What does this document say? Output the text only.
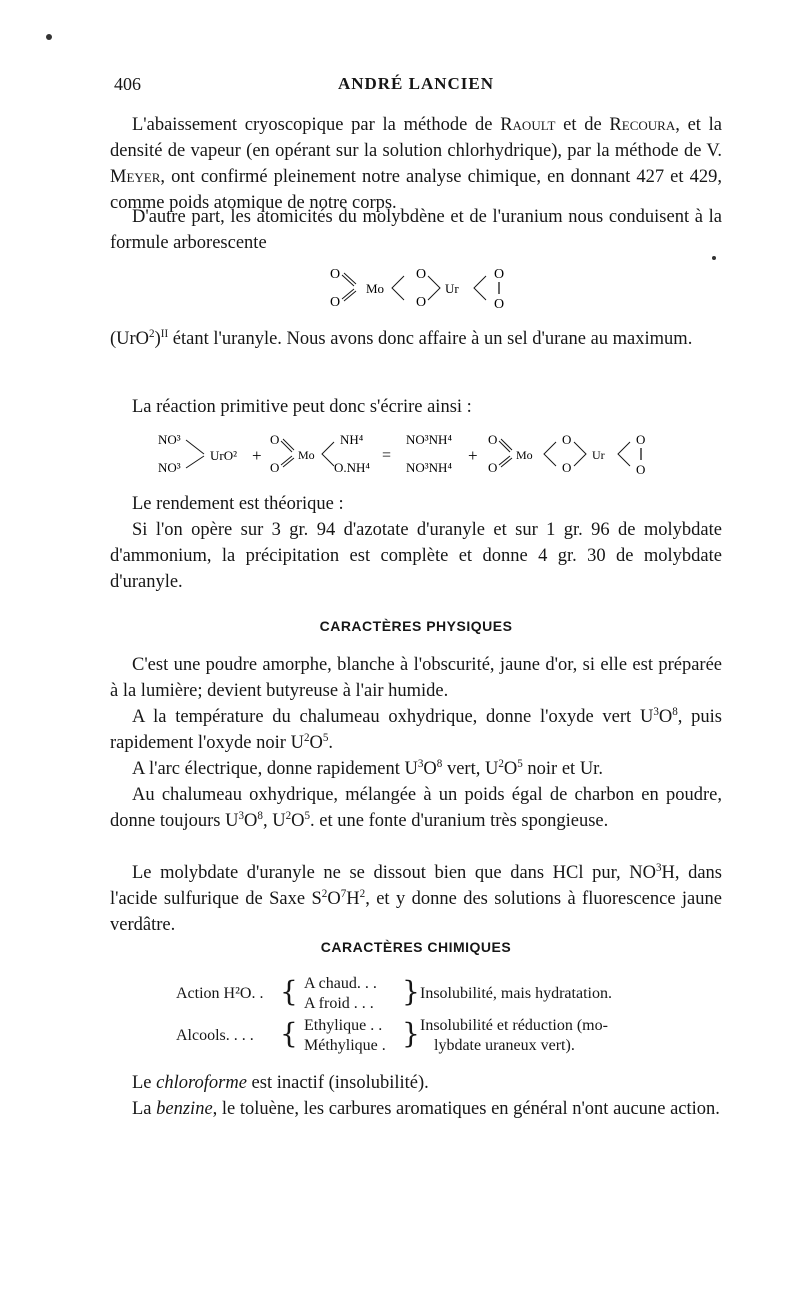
406	ANDRÉ LANCIEN

L'abaissement cryoscopique par la méthode de Raoult et de Recoura, et la densité de vapeur (en opérant sur la solution chlorhydrique), par la méthode de V. Meyer, ont confirmé pleinement notre analyse chimique, en donnant 427 et 429, comme poids atomique de notre corps.

D'autre part, les atomicités du molybdène et de l'uranium nous conduisent à la formule arborescente

O
O
Mo
O
O
Ur
O
O

$(UrO^2)^{II}$ étant l'uranyle. Nous avons donc affaire à un sel d'urane au maximum.

La réaction primitive peut donc s'écrire ainsi :

NO³
NO³
UrO² +
O
O
Mo
NH⁴
O.NH⁴
=
NO³NH⁴
NO³NH⁴
+
O
O
Mo
O
O
Ur
O
O

Le rendement est théorique :

Si l'on opère sur 3 gr. 94 d'azotate d'uranyle et sur 1 gr. 96 de molybdate d'ammonium, la précipitation est complète et donne 4 gr. 30 de molybdate d'uranyle.

CARACTÈRES PHYSIQUES

C'est une poudre amorphe, blanche à l'obscurité, jaune d'or, si elle est préparée à la lumière; devient butyreuse à l'air humide.

A la température du chalumeau oxhydrique, donne l'oxyde vert $U^3O^8$, puis rapidement l'oxyde noir $U^2O^5$.

A l'arc électrique, donne rapidement $U^3O^8$ vert, $U^2O^5$ noir et Ur.

Au chalumeau oxhydrique, mélangée à un poids égal de charbon en poudre, donne toujours $U^3O^8$, $U^2O^5$. et une fonte d'uranium très spongieuse.

Le molybdate d'uranyle ne se dissout bien que dans HCl pur, $NO^3H$, dans l'acide sulfurique de Saxe $S^2O^7H^2$, et y donne des solutions à fluorescence jaune verdâtre.

CARACTÈRES CHIMIQUES
Action H²O. . { A chaud. . .
A froid . . . } Insolubilité, mais hydratation.
Alcools. . . . { Ethylique . .
Méthylique . } Insolubilité et réduction (mo-
lybdate uraneux vert).

Le chloroforme est inactif (insolubilité).

La benzine, le toluène, les carbures aromatiques en général n'ont aucune action.
